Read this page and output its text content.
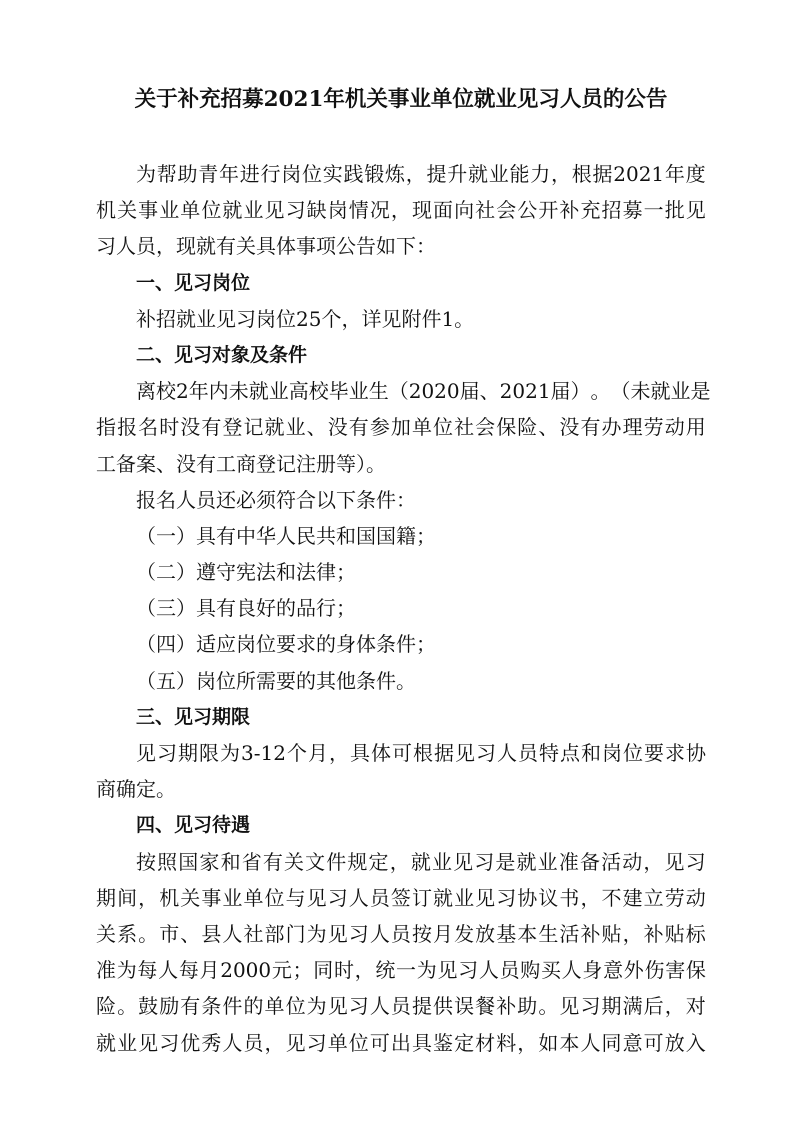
关于补充招募2021年机关事业单位就业见习人员的公告
为 帮 助 青 年 进 行 岗 位 实 践 锻 炼 ， 提 升 就 业 能 力 ， 根 据 2021 年 度
机 关 事 业 单 位 就 业 见 习 缺 岗 情 况 ， 现 面 向 社 会 公 开 补 充 招 募 一 批 见
习人员，现就有关具体事项公告如下：
一、见习岗位
补招就业见习岗位25个，详见附件1。
二、见习对象及条件
离 校 2 年 内 未 就 业 高 校 毕 业 生 （ 2020 届 、 2021 届 ） 。 （ 未 就 业 是
指 报 名 时 没 有 登 记 就 业 、 没 有 参 加 单 位 社 会 保 险 、 没 有 办 理 劳 动 用
工备案、没有工商登记注册等）。
报名人员还必须符合以下条件：
（一）具有中华人民共和国国籍；
（二）遵守宪法和法律；
（三）具有良好的品行；
（四）适应岗位要求的身体条件；
（五）岗位所需要的其他条件。
三、见习期限
见 习 期 限 为 3-12 个 月 ， 具 体 可 根 据 见 习 人 员 特 点 和 岗 位 要 求 协
商确定。
四、见习待遇
按 照 国 家 和 省 有 关 文 件 规 定 ， 就 业 见 习 是 就 业 准 备 活 动 ， 见 习
期 间 ， 机 关 事 业 单 位 与 见 习 人 员 签 订 就 业 见 习 协 议 书 ， 不 建 立 劳 动
关 系 。 市 、 县 人 社 部 门 为 见 习 人 员 按 月 发 放 基 本 生 活 补 贴 ， 补 贴 标
准 为 每 人 每 月 2000 元 ； 同 时 ， 统 一 为 见 习 人 员 购 买 人 身 意 外 伤 害 保
险 。 鼓 励 有 条 件 的 单 位 为 见 习 人 员 提 供 误 餐 补 助 。 见 习 期 满 后 ， 对
就 业 见 习 优 秀 人 员 ， 见 习 单 位 可 出 具 鉴 定 材 料 ， 如 本 人 同 意 可 放 入
